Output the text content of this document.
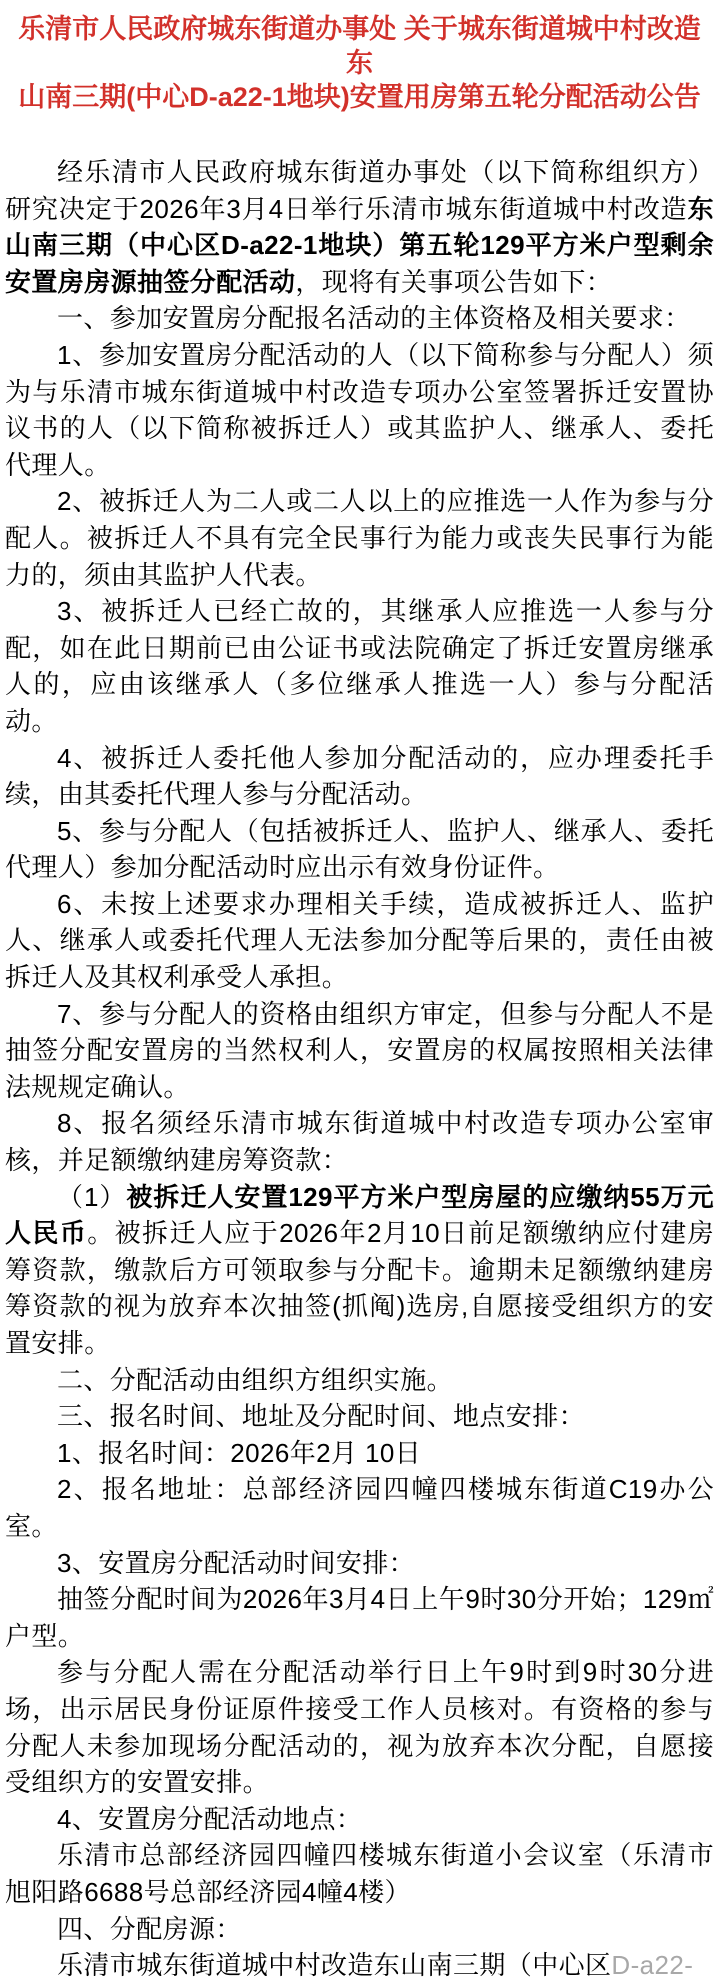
乐清市人民政府城东街道办事处 关于城东街道城中村改造东
山南三期(中心D-a22-1地块)安置用房第五轮分配活动公告

经乐清市人民政府城东街道办事处（以下简称组织方）研究决定于2026年3月4日举行乐清市城东街道城中村改造东山南三期（中心区D-a22-1地块）第五轮129平方米户型剩余安置房房源抽签分配活动，现将有关事项公告如下：

一、参加安置房分配报名活动的主体资格及相关要求：

1、参加安置房分配活动的人（以下简称参与分配人）须为与乐清市城东街道城中村改造专项办公室签署拆迁安置协议书的人（以下简称被拆迁人）或其监护人、继承人、委托代理人。

2、被拆迁人为二人或二人以上的应推选一人作为参与分配人。被拆迁人不具有完全民事行为能力或丧失民事行为能力的，须由其监护人代表。

3、被拆迁人已经亡故的，其继承人应推选一人参与分配，如在此日期前已由公证书或法院确定了拆迁安置房继承人的，应由该继承人（多位继承人推选一人）参与分配活动。

4、被拆迁人委托他人参加分配活动的，应办理委托手续，由其委托代理人参与分配活动。

5、参与分配人（包括被拆迁人、监护人、继承人、委托代理人）参加分配活动时应出示有效身份证件。

6、未按上述要求办理相关手续，造成被拆迁人、监护人、继承人或委托代理人无法参加分配等后果的，责任由被拆迁人及其权利承受人承担。

7、参与分配人的资格由组织方审定，但参与分配人不是抽签分配安置房的当然权利人，安置房的权属按照相关法律法规规定确认。

8、报名须经乐清市城东街道城中村改造专项办公室审核，并足额缴纳建房筹资款：

（1）被拆迁人安置129平方米户型房屋的应缴纳55万元人民币。被拆迁人应于2026年2月10日前足额缴纳应付建房筹资款，缴款后方可领取参与分配卡。逾期未足额缴纳建房筹资款的视为放弃本次抽签(抓阄)选房,自愿接受组织方的安置安排。

二、分配活动由组织方组织实施。

三、报名时间、地址及分配时间、地点安排：

1、报名时间：2026年2月 10日

2、报名地址：总部经济园四幢四楼城东街道C19办公室。

3、安置房分配活动时间安排：

抽签分配时间为2026年3月4日上午9时30分开始；129㎡户型。

参与分配人需在分配活动举行日上午9时到9时30分进场，出示居民身份证原件接受工作人员核对。有资格的参与分配人未参加现场分配活动的，视为放弃本次分配，自愿接受组织方的安置安排。

4、安置房分配活动地点：

乐清市总部经济园四幢四楼城东街道小会议室（乐清市旭阳路6688号总部经济园4幢4楼）

四、分配房源：

乐清市城东街道城中村改造东山南三期（中心区D-a22-
